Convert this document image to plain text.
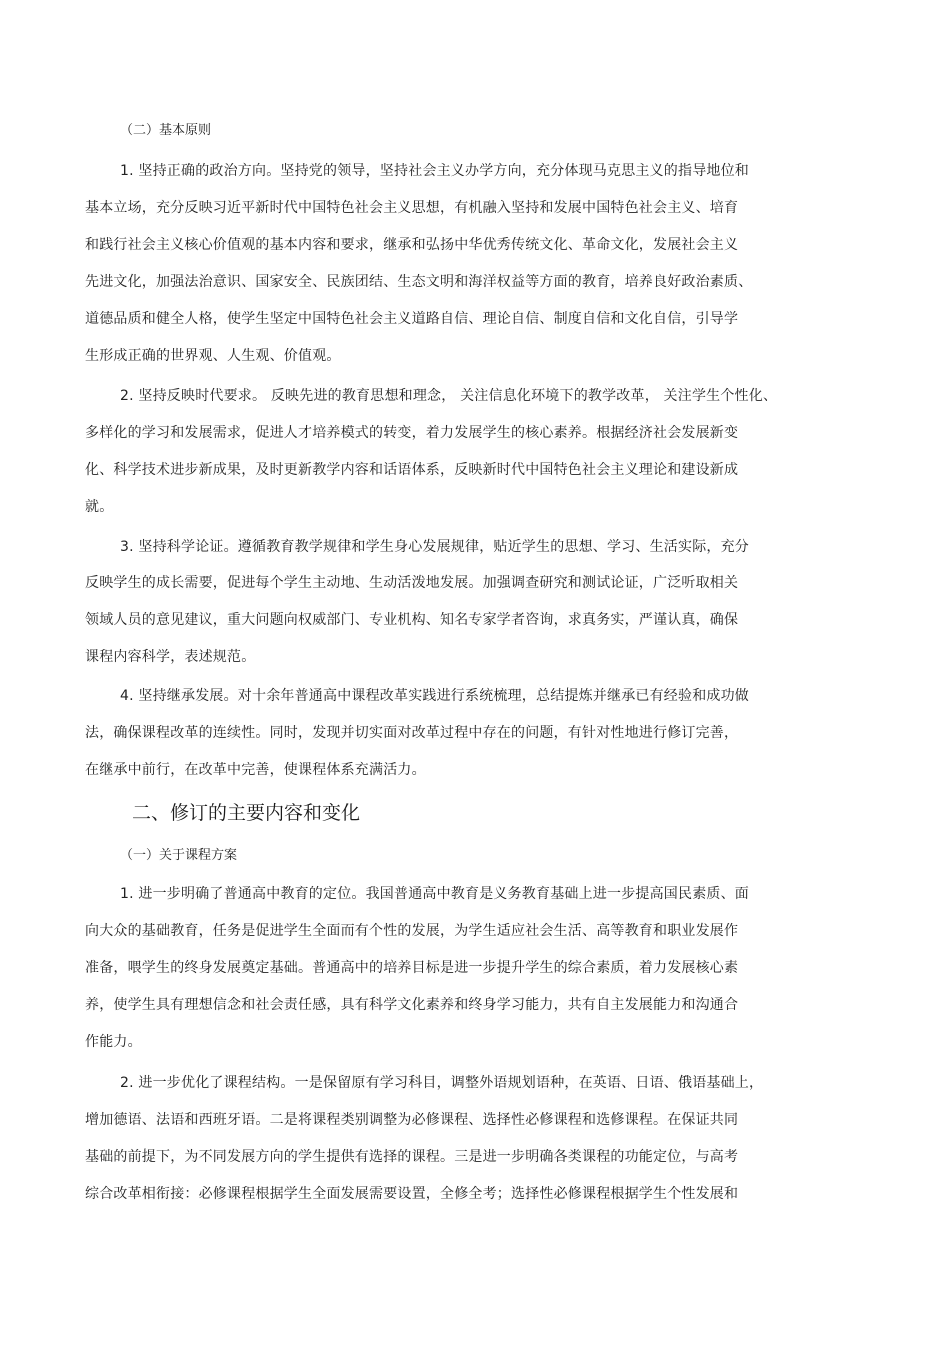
（二）基本原则
1. 坚持正确的政治方向。坚持党的领导，坚持社会主义办学方向，充分体现马克思主义的指导地位和
基本立场，充分反映习近平新时代中国特色社会主义思想，有机融入坚持和发展中国特色社会主义、培育
和践行社会主义核心价值观的基本内容和要求，继承和弘扬中华优秀传统文化、革命文化，发展社会主义
先进文化，加强法治意识、国家安全、民族团结、生态文明和海洋权益等方面的教育，培养良好政治素质、
道德品质和健全人格，使学生坚定中国特色社会主义道路自信、理论自信、制度自信和文化自信，引导学
生形成正确的世界观、人生观、价值观。
2. 坚持反映时代要求。 反映先进的教育思想和理念， 关注信息化环境下的教学改革， 关注学生个性化、
多样化的学习和发展需求，促进人才培养模式的转变，着力发展学生的核心素养。根据经济社会发展新变
化、科学技术进步新成果，及时更新教学内容和话语体系，反映新时代中国特色社会主义理论和建设新成
就。
3. 坚持科学论证。遵循教育教学规律和学生身心发展规律，贴近学生的思想、学习、生活实际，充分
反映学生的成长需要，促进每个学生主动地、生动活泼地发展。加强调查研究和测试论证，广泛听取相关
领域人员的意见建议，重大问题向权威部门、专业机构、知名专家学者咨询，求真务实，严谨认真，确保
课程内容科学，表述规范。
4. 坚持继承发展。对十余年普通高中课程改革实践进行系统梳理，总结提炼并继承已有经验和成功做
法，确保课程改革的连续性。同时，发现并切实面对改革过程中存在的问题，有针对性地进行修订完善，
在继承中前行，在改革中完善，使课程体系充满活力。
二、修订的主要内容和变化
（一）关于课程方案
1. 进一步明确了普通高中教育的定位。我国普通高中教育是义务教育基础上进一步提高国民素质、面
向大众的基础教育，任务是促进学生全面而有个性的发展，为学生适应社会生活、高等教育和职业发展作
准备，喂学生的终身发展奠定基础。普通高中的培养目标是进一步提升学生的综合素质，着力发展核心素
养，使学生具有理想信念和社会责任感，具有科学文化素养和终身学习能力，共有自主发展能力和沟通合
作能力。
2. 进一步优化了课程结构。一是保留原有学习科目，调整外语规划语种，在英语、日语、俄语基础上，
增加德语、法语和西班牙语。二是将课程类别调整为必修课程、选择性必修课程和选修课程。在保证共同
基础的前提下，为不同发展方向的学生提供有选择的课程。三是进一步明确各类课程的功能定位，与高考
综合改革相衔接：必修课程根据学生全面发展需要设置，全修全考；选择性必修课程根据学生个性发展和
